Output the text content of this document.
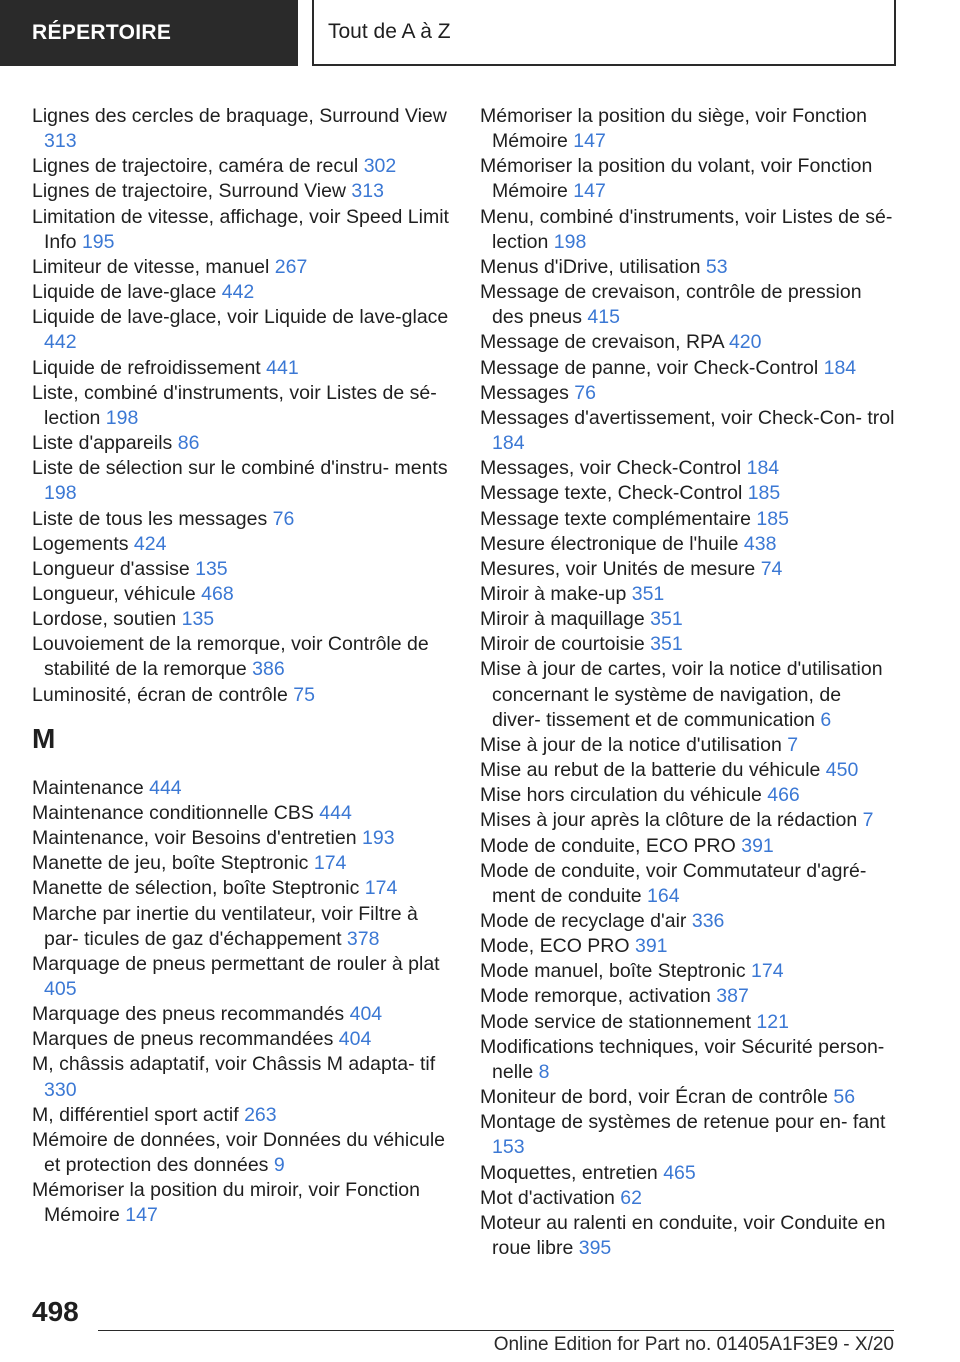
RÉPERTOIRE	Tout de A à Z
Lignes des cercles de braquage, Surround View 313
Lignes de trajectoire, caméra de recul 302
Lignes de trajectoire, Surround View 313
Limitation de vitesse, affichage, voir Speed Limit Info 195
Limiteur de vitesse, manuel 267
Liquide de lave-glace 442
Liquide de lave-glace, voir Liquide de lave-glace 442
Liquide de refroidissement 441
Liste, combiné d'instruments, voir Listes de sé- lection 198
Liste d'appareils 86
Liste de sélection sur le combiné d'instru- ments 198
Liste de tous les messages 76
Logements 424
Longueur d'assise 135
Longueur, véhicule 468
Lordose, soutien 135
Louvoiement de la remorque, voir Contrôle de stabilité de la remorque 386
Luminosité, écran de contrôle 75
M
Maintenance 444
Maintenance conditionnelle CBS 444
Maintenance, voir Besoins d'entretien 193
Manette de jeu, boîte Steptronic 174
Manette de sélection, boîte Steptronic 174
Marche par inertie du ventilateur, voir Filtre à par- ticules de gaz d'échappement 378
Marquage de pneus permettant de rouler à plat 405
Marquage des pneus recommandés 404
Marques de pneus recommandées 404
M, châssis adaptatif, voir Châssis M adapta- tif 330
M, différentiel sport actif 263
Mémoire de données, voir Données du véhicule et protection des données 9
Mémoriser la position du miroir, voir Fonction Mémoire 147
Mémoriser la position du siège, voir Fonction Mémoire 147
Mémoriser la position du volant, voir Fonction Mémoire 147
Menu, combiné d'instruments, voir Listes de sé- lection 198
Menus d'iDrive, utilisation 53
Message de crevaison, contrôle de pression des pneus 415
Message de crevaison, RPA 420
Message de panne, voir Check-Control 184
Messages 76
Messages d'avertissement, voir Check-Con- trol 184
Messages, voir Check-Control 184
Message texte, Check-Control 185
Message texte complémentaire 185
Mesure électronique de l'huile 438
Mesures, voir Unités de mesure 74
Miroir à make-up 351
Miroir à maquillage 351
Miroir de courtoisie 351
Mise à jour de cartes, voir la notice d'utilisation concernant le système de navigation, de diver- tissement et de communication 6
Mise à jour de la notice d'utilisation 7
Mise au rebut de la batterie du véhicule 450
Mise hors circulation du véhicule 466
Mises à jour après la clôture de la rédaction 7
Mode de conduite, ECO PRO 391
Mode de conduite, voir Commutateur d'agré- ment de conduite 164
Mode de recyclage d'air 336
Mode, ECO PRO 391
Mode manuel, boîte Steptronic 174
Mode remorque, activation 387
Mode service de stationnement 121
Modifications techniques, voir Sécurité person- nelle 8
Moniteur de bord, voir Écran de contrôle 56
Montage de systèmes de retenue pour en- fant 153
Moquettes, entretien 465
Mot d'activation 62
Moteur au ralenti en conduite, voir Conduite en roue libre 395
498
Online Edition for Part no. 01405A1F3E9 - X/20
